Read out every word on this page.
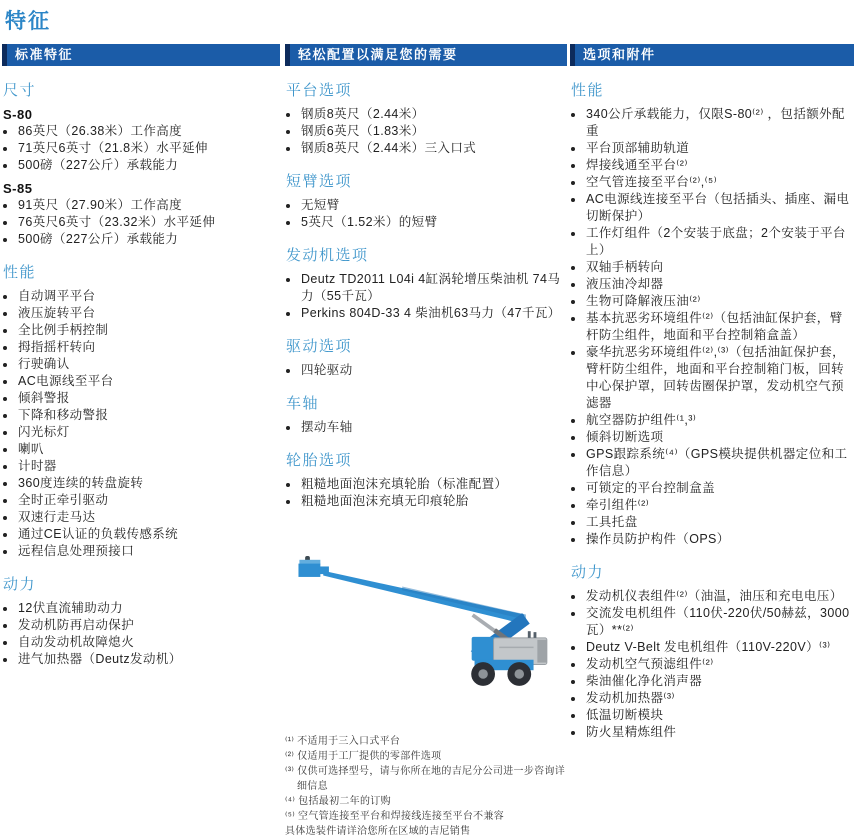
特征
标准特征
尺寸
S-80
• 86英尺（26.38米）工作高度
• 71英尺6英寸（21.8米）水平延伸
• 500磅（227公斤）承载能力
S-85
• 91英尺（27.90米）工作高度
• 76英尺6英寸（23.32米）水平延伸
• 500磅（227公斤）承载能力
性能
• 自动调平平台
• 液压旋转平台
• 全比例手柄控制
• 拇指摇杆转向
• 行驶确认
• AC电源线至平台
• 倾斜警报
• 下降和移动警报
• 闪光标灯
• 喇叭
• 计时器
• 360度连续的转盘旋转
• 全时正牵引驱动
• 双速行走马达
• 通过CE认证的负载传感系统
• 远程信息处理预接口
动力
• 12伏直流辅助动力
• 发动机防再启动保护
• 自动发动机故障熄火
• 进气加热器（Deutz发动机）
轻松配置以满足您的需要
平台选项
• 钢质8英尺（2.44米）
• 钢质6英尺（1.83米）
• 钢质8英尺（2.44米）三入口式
短臂选项
• 无短臂
• 5英尺（1.52米）的短臂
发动机选项
• Deutz TD2011 L04i 4缸涡轮增压柴油机 74马力（55千瓦）
• Perkins 804D-33 4 柴油机63马力（47千瓦）
驱动选项
• 四轮驱动
车轴
• 摆动车轴
轮胎选项
• 粗糙地面泡沫充填轮胎（标准配置）
• 粗糙地面泡沫充填无印痕轮胎
⁽¹⁾ 不适用于三入口式平台
⁽²⁾ 仅适用于工厂提供的零部件选项
⁽³⁾ 仅供可选择型号，请与你所在地的吉尼分公司进一步咨询详细信息
⁽⁴⁾ 包括最初二年的订购
⁽⁵⁾ 空气管连接至平台和焊接线连接至平台不兼容
具体选装件请详洽您所在区域的吉尼销售
选项和附件
性能
• 340公斤承载能力，仅限S-80⁽²⁾ ，包括额外配重
• 平台顶部辅助轨道
• 焊接线通至平台⁽²⁾
• 空气管连接至平台⁽²⁾,⁽⁵⁾
• AC电源线连接至平台（包括插头、插座、漏电切断保护）
• 工作灯组件（2个安装于底盘；2个安装于平台上）
• 双轴手柄转向
• 液压油冷却器
• 生物可降解液压油⁽²⁾
• 基本抗恶劣环境组件⁽²⁾（包括油缸保护套，臂杆防尘组件，地面和平台控制箱盒盖）
• 豪华抗恶劣环境组件⁽²⁾,⁽³⁾（包括油缸保护套，臂杆防尘组件，地面和平台控制箱门板，回转中心保护罩，回转齿圈保护罩，发动机空气预滤器
• 航空器防护组件⁽¹,³⁾
• 倾斜切断选项
• GPS跟踪系统⁽⁴⁾（GPS模块提供机器定位和工作信息）
• 可锁定的平台控制盒盖
• 牵引组件⁽²⁾
• 工具托盘
• 操作员防护构件（OPS）
动力
• 发动机仪表组件⁽²⁾（油温，油压和充电电压）
• 交流发电机组件（110伏-220伏/50赫兹，3000瓦）**⁽²⁾
• Deutz V-Belt 发电机组件（110V-220V）⁽³⁾
• 发动机空气预滤组件⁽²⁾
• 柴油催化净化消声器
• 发动机加热器⁽³⁾
• 低温切断模块
• 防火星精炼组件
